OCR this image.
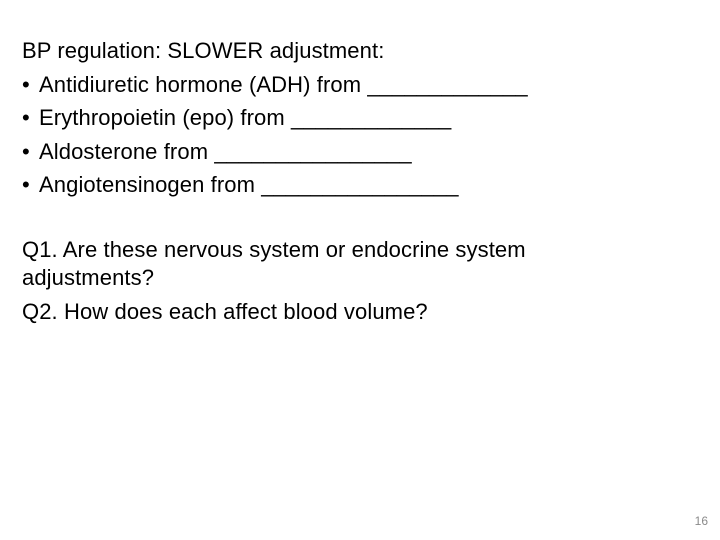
BP regulation: SLOWER adjustment:
• Antidiuretic hormone (ADH) from _____________
• Erythropoietin (epo) from _____________
• Aldosterone from ________________
• Angiotensinogen from ________________
Q1. Are these nervous system or endocrine system adjustments?
Q2. How does each affect blood volume?
16
